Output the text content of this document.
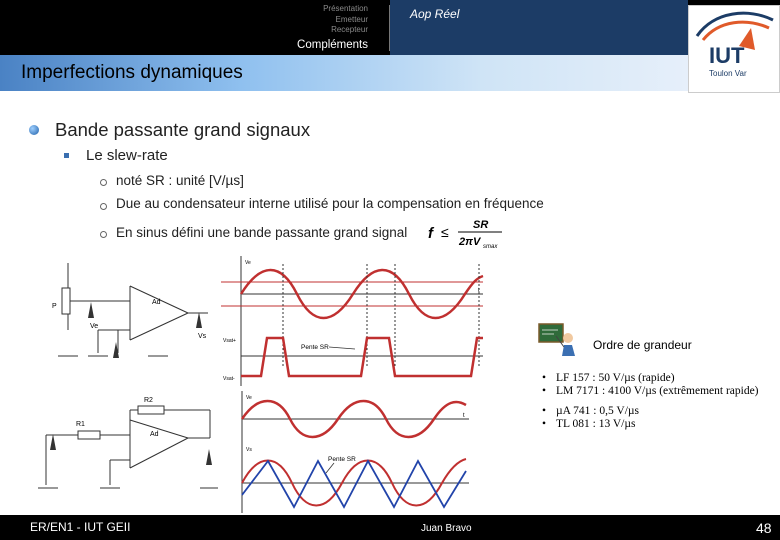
Présentation
Emetteur
Recepteur
Compléments
Aop Réel
IUT
Toulon Var
Imperfections dynamiques
Bande passante grand signaux
Le slew-rate
noté SR : unité [V/µs]
Due au condensateur interne utilisé pour la compensation en fréquence
En sinus défini une bande passante grand signal f ≤ SR
2πV smax
P
Ad
Ve
Vs
R1
R2
Ad
Pente SR
Vsat+
Vsat-
Ve
t
Pente SR
Ve
Vs
t
Ordre de grandeur
• LF 157 : 50 V/µs (rapide)
• LM 7171 : 4100 V/µs (extrêmement rapide)
• µA 741 : 0,5 V/µs
• TL 081 : 13 V/µs
ER/EN1 - IUT GEII	Juan Bravo	48
